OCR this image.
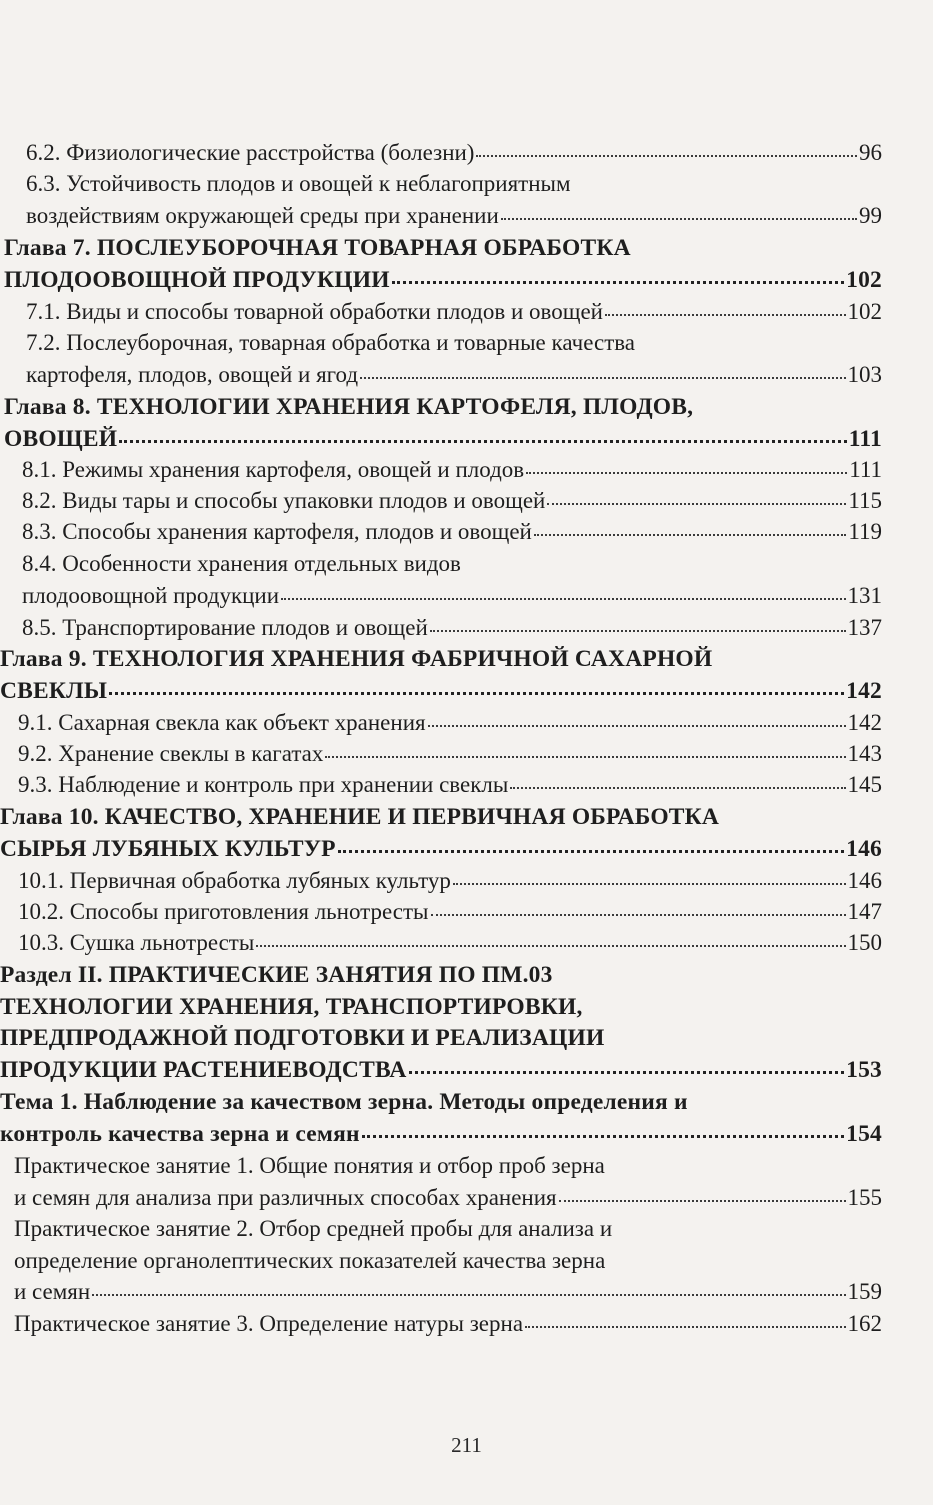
6.2. Физиологические расстройства (болезни)	96
6.3. Устойчивость плодов и овощей к неблагоприятным
воздействиям окружающей среды при хранении	99
Глава 7. ПОСЛЕУБОРОЧНАЯ ТОВАРНАЯ ОБРАБОТКА
ПЛОДООВОЩНОЙ ПРОДУКЦИИ	102
7.1. Виды и способы товарной обработки плодов и овощей	102
7.2. Послеуборочная, товарная обработка и товарные качества
картофеля, плодов, овощей и ягод	103
Глава 8. ТЕХНОЛОГИИ ХРАНЕНИЯ КАРТОФЕЛЯ, ПЛОДОВ,
ОВОЩЕЙ	111
8.1. Режимы хранения картофеля, овощей и плодов	111
8.2. Виды тары и способы упаковки плодов и овощей	115
8.3. Способы хранения картофеля, плодов и овощей	119
8.4. Особенности хранения отдельных видов
плодоовощной продукции	131
8.5. Транспортирование плодов и овощей	137
Глава 9. ТЕХНОЛОГИЯ ХРАНЕНИЯ ФАБРИЧНОЙ САХАРНОЙ
СВЕКЛЫ	142
9.1. Сахарная свекла как объект хранения	142
9.2. Хранение свеклы в кагатах	143
9.3. Наблюдение и контроль при хранении свеклы	145
Глава 10. КАЧЕСТВО, ХРАНЕНИЕ И ПЕРВИЧНАЯ ОБРАБОТКА
СЫРЬЯ ЛУБЯНЫХ КУЛЬТУР	146
10.1. Первичная обработка лубяных культур	146
10.2. Способы приготовления льнотресты	147
10.3. Сушка льнотресты	150
Раздел II. ПРАКТИЧЕСКИЕ ЗАНЯТИЯ ПО ПМ.03
ТЕХНОЛОГИИ ХРАНЕНИЯ, ТРАНСПОРТИРОВКИ,
ПРЕДПРОДАЖНОЙ ПОДГОТОВКИ И РЕАЛИЗАЦИИ
ПРОДУКЦИИ РАСТЕНИЕВОДСТВА	153
Тема 1. Наблюдение за качеством зерна. Методы определения и
контроль качества зерна и семян	154
Практическое занятие 1. Общие понятия и отбор проб зерна
и семян для анализа при различных способах хранения	155
Практическое занятие 2. Отбор средней пробы для анализа и
определение органолептических показателей качества зерна
и семян	159
Практическое занятие 3. Определение натуры зерна	162
211
